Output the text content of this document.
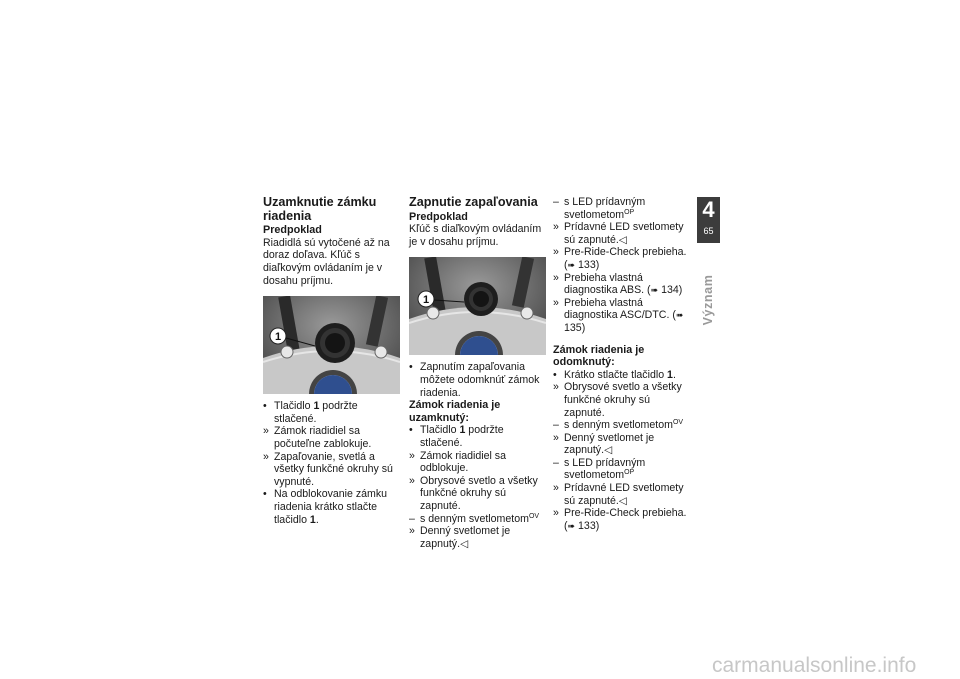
Uzamknutie zámku riadenia
Predpoklad
Riadidlá sú vytočené až na doraz doľava. Kľúč s diaľkovým ovládaním je v dosahu príjmu.
1
• Tlačidlo 1 podržte stlačené.
» Zámok riadidiel sa počuteľne zablokuje.
» Zapaľovanie, svetlá a všetky funkčné okruhy sú vypnuté.
• Na odblokovanie zámku riadenia krátko stlačte tlačidlo 1.
Zapnutie zapaľovania
Predpoklad
Kľúč s diaľkovým ovládaním je v dosahu príjmu.
1
• Zapnutím zapaľovania môžete odomknúť zámok riadenia.
Zámok riadenia je uzamknutý:
• Tlačidlo 1 podržte stlačené.
» Zámok riadidiel sa odblokuje.
» Obrysové svetlo a všetky funkčné okruhy sú zapnuté.
– s denným svetlometom$^{OV}$
» Denný svetlomet je zapnutý.◁
– s LED prídavným svetlometom$^{OP}$
» Prídavné LED svetlomety sú zapnuté.◁
» Pre-Ride-Check prebieha. (➠ 133)
» Prebieha vlastná diagnostika ABS. (➠ 134)
» Prebieha vlastná diagnostika ASC/DTC. (➠ 135)
Zámok riadenia je odomknutý:
• Krátko stlačte tlačidlo 1.
» Obrysové svetlo a všetky funkčné okruhy sú zapnuté.
– s denným svetlometom$^{OV}$
» Denný svetlomet je zapnutý.◁
– s LED prídavným svetlometom$^{OP}$
» Prídavné LED svetlomety sú zapnuté.◁
» Pre-Ride-Check prebieha. (➠ 133)
4
65
Význam
carmanualsonline.info
